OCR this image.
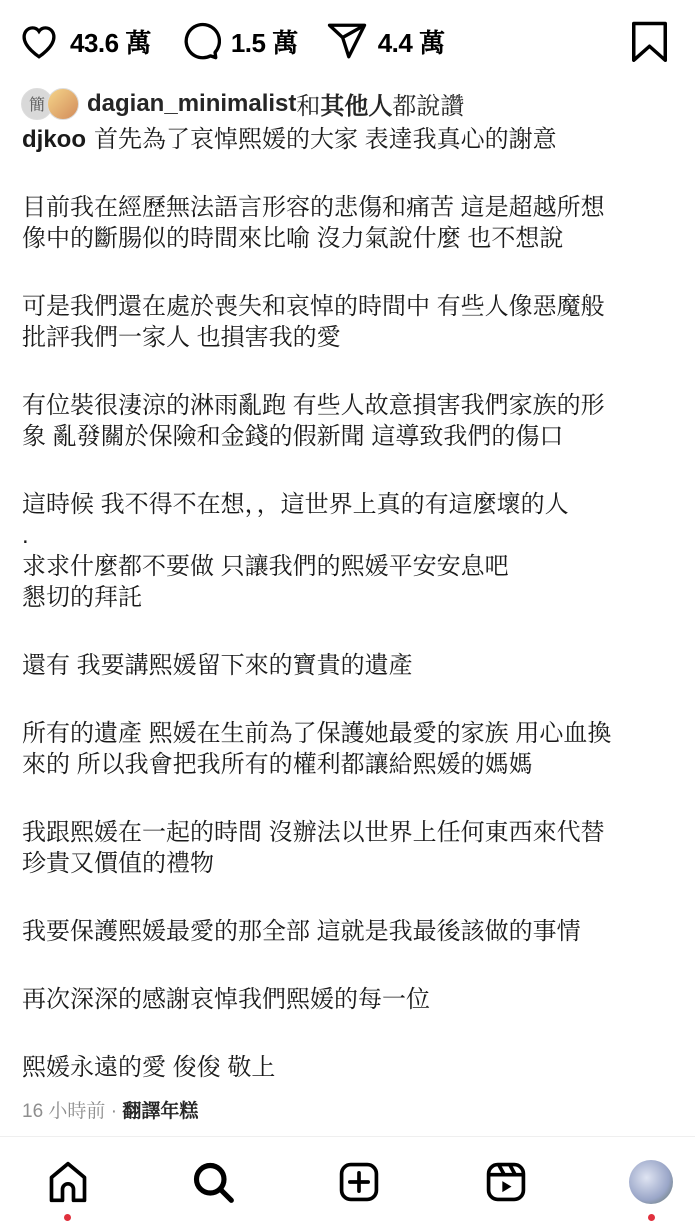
43.6 萬	1.5 萬	4.4 萬
簡 dagian_minimalist 和 其他人 都說讚
djkoo 首先為了哀悼熙媛的大家 表達我真心的謝意
目前我在經歷無法語言形容的悲傷和痛苦 這是超越所想
像中的斷腸似的時間來比喻 沒力氣說什麼 也不想說
可是我們還在處於喪失和哀悼的時間中 有些人像惡魔般
批評我們一家人 也損害我的愛
有位裝很淒涼的淋雨亂跑 有些人故意損害我們家族的形
象 亂發關於保險和金錢的假新聞 這導致我們的傷口
這時候 我不得不在想，，這世界上真的有這麼壞的人
.
求求什麼都不要做 只讓我們的熙媛平安安息吧
懇切的拜託
還有 我要講熙媛留下來的寶貴的遺產
所有的遺產 熙媛在生前為了保護她最愛的家族 用心血換
來的 所以我會把我所有的權利都讓給熙媛的媽媽
我跟熙媛在一起的時間 沒辦法以世界上任何東西來代替
珍貴又價值的禮物
我要保護熙媛最愛的那全部 這就是我最後該做的事情
再次深深的感謝哀悼我們熙媛的每一位
熙媛永遠的愛 俊俊 敬上
16 小時前 · 翻譯年糕
